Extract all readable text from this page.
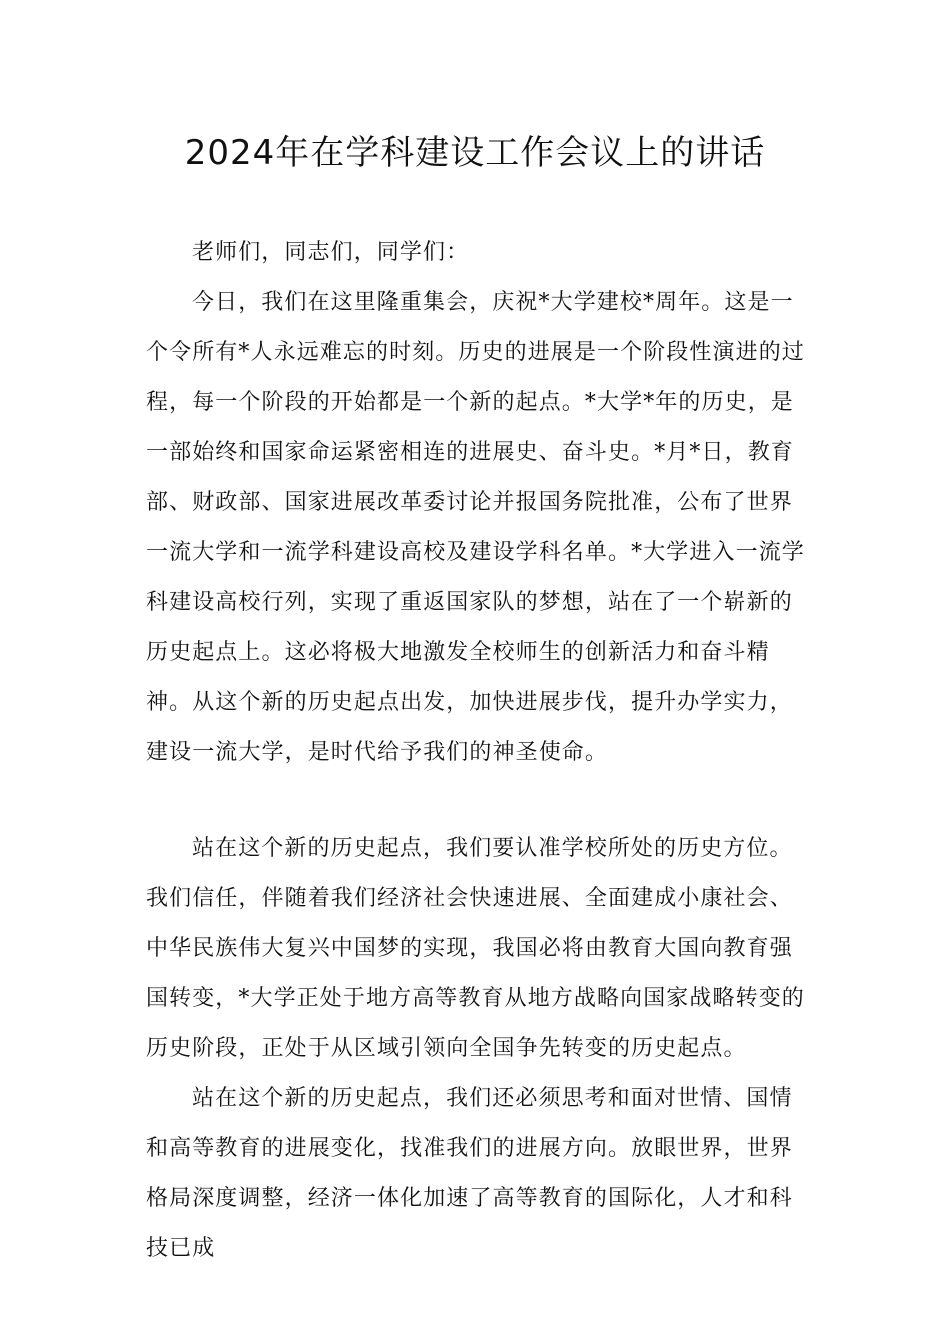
2024年在学科建设工作会议上的讲话

老师们，同志们，同学们：

今日，我们在这里隆重集会，庆祝*大学建校*周年。这是一个令所有*人永远难忘的时刻。历史的进展是一个阶段性演进的过程，每一个阶段的开始都是一个新的起点。*大学*年的历史，是一部始终和国家命运紧密相连的进展史、奋斗史。*月*日，教育部、财政部、国家进展改革委讨论并报国务院批准，公布了世界一流大学和一流学科建设高校及建设学科名单。*大学进入一流学科建设高校行列，实现了重返国家队的梦想，站在了一个崭新的历史起点上。这必将极大地激发全校师生的创新活力和奋斗精神。从这个新的历史起点出发，加快进展步伐，提升办学实力，建设一流大学，是时代给予我们的神圣使命。

站在这个新的历史起点，我们要认准学校所处的历史方位。我们信任，伴随着我们经济社会快速进展、全面建成小康社会、中华民族伟大复兴中国梦的实现，我国必将由教育大国向教育强国转变，*大学正处于地方高等教育从地方战略向国家战略转变的历史阶段，正处于从区域引领向全国争先转变的历史起点。

站在这个新的历史起点，我们还必须思考和面对世情、国情和高等教育的进展变化，找准我们的进展方向。放眼世界，世界格局深度调整，经济一体化加速了高等教育的国际化，人才和科技已成
